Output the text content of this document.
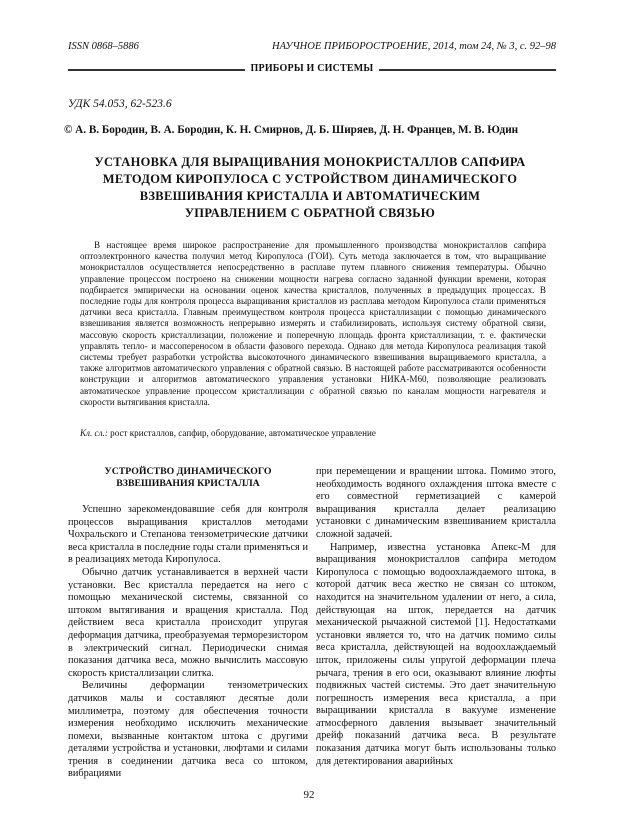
ISSN 0868–5886	НАУЧНОЕ ПРИБОРОСТРОЕНИЕ, 2014, том 24, № 3, с. 92–98
ПРИБОРЫ И СИСТЕМЫ
УДК 54.053, 62-523.6
© А. В. Бородин, В. А. Бородин, К. Н. Смирнов, Д. Б. Ширяев, Д. Н. Францев, М. В. Юдин
УСТАНОВКА ДЛЯ ВЫРАЩИВАНИЯ МОНОКРИСТАЛЛОВ САПФИРА
МЕТОДОМ КИРОПУЛОСА С УСТРОЙСТВОМ ДИНАМИЧЕСКОГО
ВЗВЕШИВАНИЯ КРИСТАЛЛА И АВТОМАТИЧЕСКИМ
УПРАВЛЕНИЕМ С ОБРАТНОЙ СВЯЗЬЮ

В настоящее время широкое распространение для промышленного производства монокристаллов сапфира оптоэлектронного качества получил метод Киропулоса (ГОИ). Суть метода заключается в том, что выращивание монокристаллов осуществляется непосредственно в расплаве путем плавного снижения температуры. Обычно управление процессом построено на снижении мощности нагрева согласно заданной функции времени, которая подбирается эмпирически на основании оценок качества кристаллов, полученных в предыдущих процессах. В последние годы для контроля процесса выращивания кристаллов из расплава методом Киропулоса стали применяться датчики веса кристалла. Главным преимуществом контроля процесса кристаллизации с помощью динамического взвешивания является возможность непрерывно измерять и стабилизировать, используя систему обратной связи, массовую скорость кристаллизации, положение и поперечную площадь фронта кристаллизации, т. е. фактически управлять тепло- и массопереносом в области фазового перехода. Однако для метода Киропулоса реализация такой системы требует разработки устройства высокоточного динамического взвешивания выращиваемого кристалла, а также алгоритмов автоматического управления с обратной связью. В настоящей работе рассматриваются особенности конструкции и алгоритмов автоматического управления установки НИКА-М60, позволяющие реализовать автоматическое управление процессом кристаллизации с обратной связью по каналам мощности нагревателя и скорости вытягивания кристалла.

Кл. сл.: рост кристаллов, сапфир, оборудование, автоматическое управление

УСТРОЙСТВО ДИНАМИЧЕСКОГО ВЗВЕШИВАНИЯ КРИСТАЛЛА

Успешно зарекомендовавшие себя для контроля процессов выращивания кристаллов методами Чохральского и Степанова тензометрические датчики веса кристалла в последние годы стали применяться и в реализациях метода Киропулоса.

Обычно датчик устанавливается в верхней части установки. Вес кристалла передается на него с помощью механической системы, связанной со штоком вытягивания и вращения кристалла. Под действием веса кристалла происходит упругая деформация датчика, преобразуемая терморезистором в электрический сигнал. Периодически снимая показания датчика веса, можно вычислить массовую скорость кристаллизации слитка.

Величины деформации тензометрических датчиков малы и составляют десятые доли миллиметра, поэтому для обеспечения точности измерения необходимо исключить механические помехи, вызванные контактом штока с другими деталями устройства и установки, люфтами и силами трения в соединении датчика веса со штоком, вибрациями

при перемещении и вращении штока. Помимо этого, необходимость водяного охлаждения штока вместе с его совместной герметизацией с камерой выращивания кристалла делает реализацию установки с динамическим взвешиванием кристалла сложной задачей.

Например, известна установка Апекс-М для выращивания монокристаллов сапфира методом Киропулоса с помощью водоохлаждаемого штока, в которой датчик веса жестко не связан со штоком, находится на значительном удалении от него, а сила, действующая на шток, передается на датчик механической рычажной системой [1]. Недостатками установки является то, что на датчик помимо силы веса кристалла, действующей на водоохлаждаемый шток, приложены силы упругой деформации плеча рычага, трения в его оси, оказывают влияние люфты подвижных частей системы. Это дает значительную погрешность измерения веса кристалла, а при выращивании кристалла в вакууме изменение атмосферного давления вызывает значительный дрейф показаний датчика веса. В результате показания датчика могут быть использованы только для детектирования аварийных

92
